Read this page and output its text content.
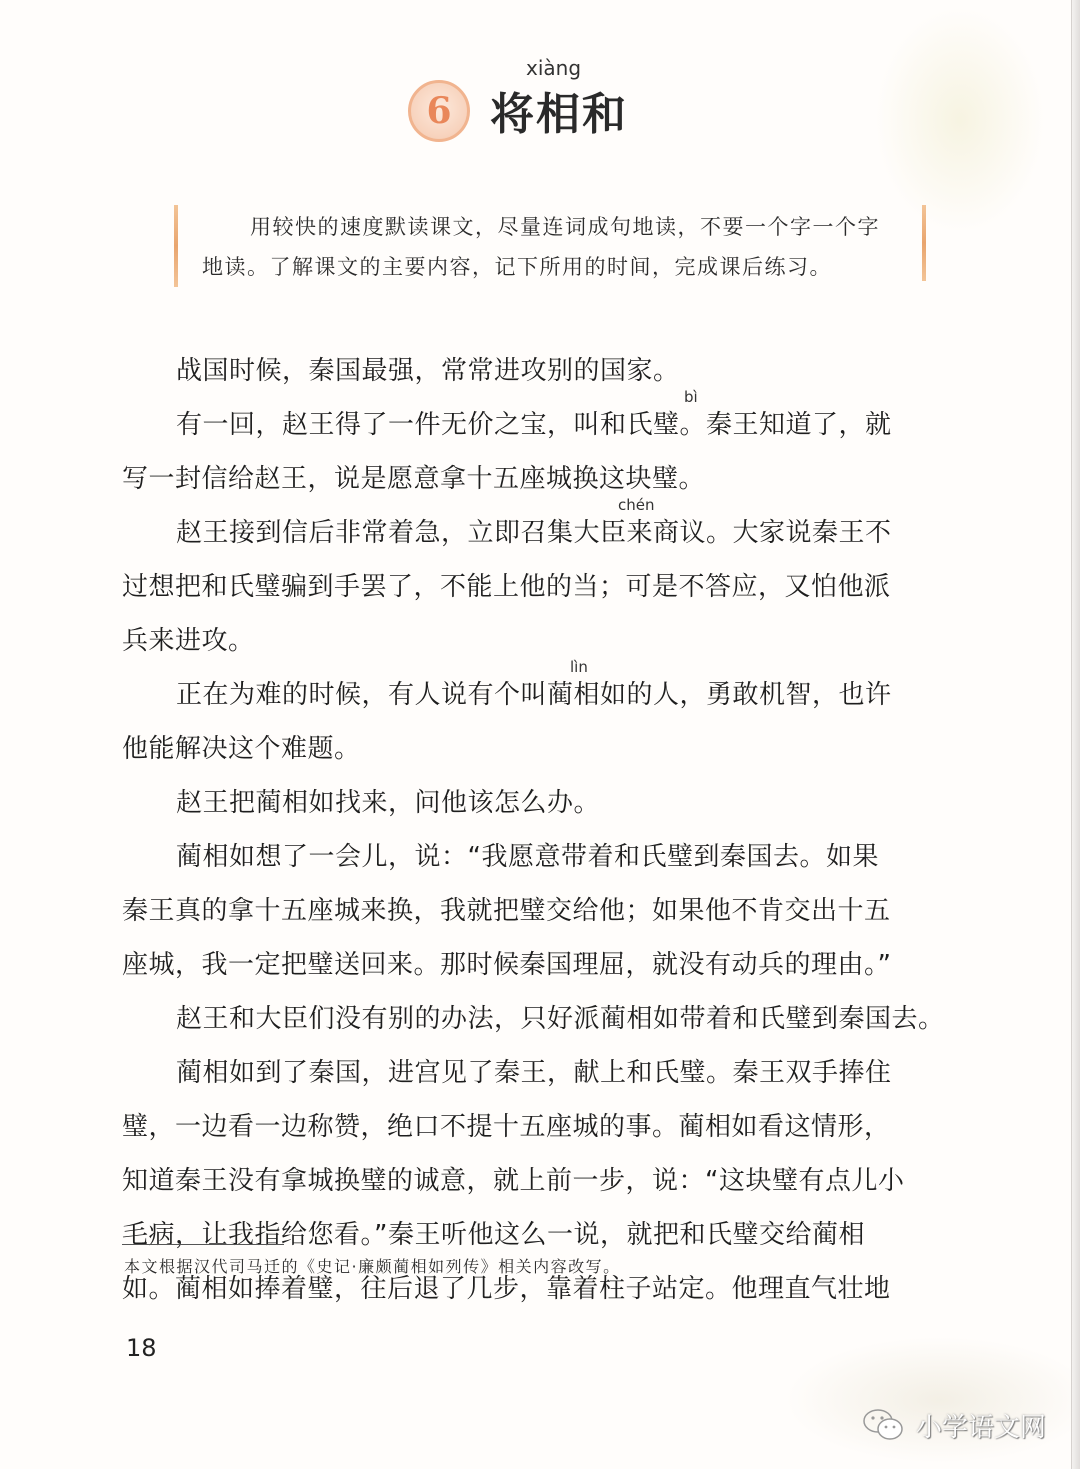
6
xiàng
将相和

用较快的速度默读课文，尽量连词成句地读，不要一个字一个字

地读。了解课文的主要内容，记下所用的时间，完成课后练习。

战国时候，秦国最强，常常进攻别的国家。
有一回，赵王得了一件无价之宝，叫和氏璧。秦王知道了，就
bì
写一封信给赵王，说是愿意拿十五座城换这块璧。
赵王接到信后非常着急，立即召集大臣来商议。大家说秦王不
chén
过想把和氏璧骗到手罢了，不能上他的当；可是不答应，又怕他派
兵来进攻。
正在为难的时候，有人说有个叫蔺相如的人，勇敢机智，也许
lìn
他能解决这个难题。
赵王把蔺相如找来，问他该怎么办。
蔺相如想了一会儿，说：“我愿意带着和氏璧到秦国去。如果
秦王真的拿十五座城来换，我就把璧交给他；如果他不肯交出十五
座城，我一定把璧送回来。那时候秦国理屈，就没有动兵的理由。”
赵王和大臣们没有别的办法，只好派蔺相如带着和氏璧到秦国去。
蔺相如到了秦国，进宫见了秦王，献上和氏璧。秦王双手捧住
璧，一边看一边称赞，绝口不提十五座城的事。蔺相如看这情形，
知道秦王没有拿城换璧的诚意，就上前一步，说：“这块璧有点儿小
毛病，让我指给您看。”秦王听他这么一说，就把和氏璧交给蔺相
如。蔺相如捧着璧，往后退了几步，靠着柱子站定。他理直气壮地
本文根据汉代司马迁的《史记·廉颇蔺相如列传》相关内容改写。
18
小学语文网
